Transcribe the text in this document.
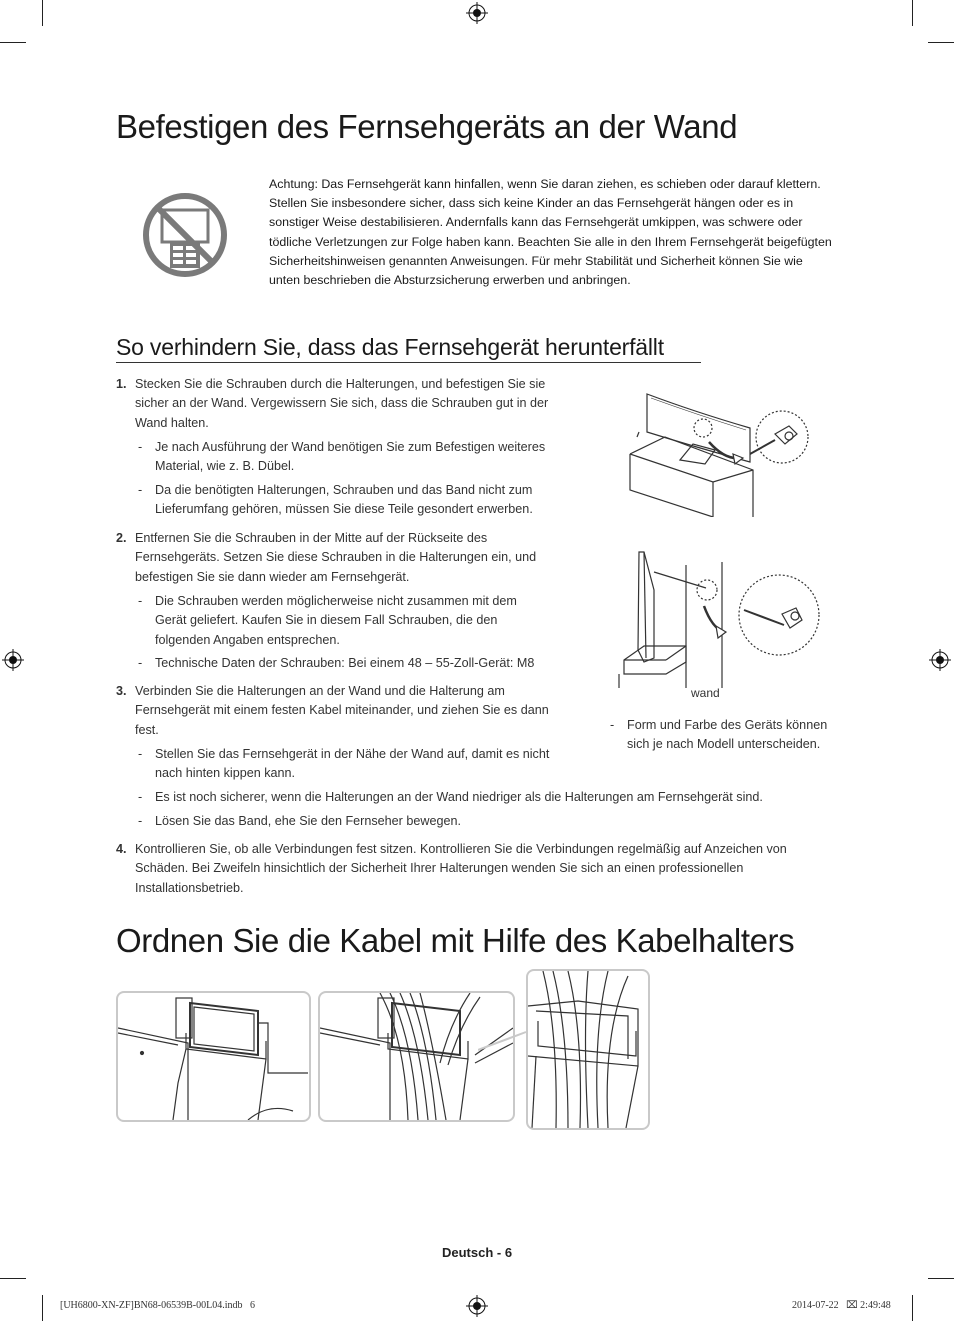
Befestigen des Fernsehgeräts an der Wand
Achtung: Das Fernsehgerät kann hinfallen, wenn Sie daran ziehen, es schieben oder darauf klettern. Stellen Sie insbesondere sicher, dass sich keine Kinder an das Fernsehgerät hängen oder es in sonstiger Weise destabilisieren. Andernfalls kann das Fernsehgerät umkippen, was schwere oder tödliche Verletzungen zur Folge haben kann. Beachten Sie alle in den Ihrem Fernsehgerät beigefügten Sicherheitshinweisen genannten Anweisungen. Für mehr Stabilität und Sicherheit können Sie wie unten beschrieben die Absturzsicherung erwerben und anbringen.
So verhindern Sie, dass das Fernsehgerät herunterfällt
1. Stecken Sie die Schrauben durch die Halterungen, und befestigen Sie sie sicher an der Wand. Vergewissern Sie sich, dass die Schrauben gut in der Wand halten.
- Je nach Ausführung der Wand benötigen Sie zum Befestigen weiteres Material, wie z. B. Dübel.
- Da die benötigten Halterungen, Schrauben und das Band nicht zum Lieferumfang gehören, müssen Sie diese Teile gesondert erwerben.
2. Entfernen Sie die Schrauben in der Mitte auf der Rückseite des Fernsehgeräts. Setzen Sie diese Schrauben in die Halterungen ein, und befestigen Sie sie dann wieder am Fernsehgerät.
- Die Schrauben werden möglicherweise nicht zusammen mit dem Gerät geliefert. Kaufen Sie in diesem Fall Schrauben, die den folgenden Angaben entsprechen.
- Technische Daten der Schrauben: Bei einem 48 – 55-Zoll-Gerät: M8
3. Verbinden Sie die Halterungen an der Wand und die Halterung am Fernsehgerät mit einem festen Kabel miteinander, und ziehen Sie es dann fest.
- Stellen Sie das Fernsehgerät in der Nähe der Wand auf, damit es nicht nach hinten kippen kann.
- Es ist noch sicherer, wenn die Halterungen an der Wand niedriger als die Halterungen am Fernsehgerät sind.
- Lösen Sie das Band, ehe Sie den Fernseher bewegen.
4. Kontrollieren Sie, ob alle Verbindungen fest sitzen. Kontrollieren Sie die Verbindungen regelmäßig auf Anzeichen von Schäden. Bei Zweifeln hinsichtlich der Sicherheit Ihrer Halterungen wenden Sie sich an einen professionellen Installationsbetrieb.
wand
- Form und Farbe des Geräts können sich je nach Modell unterscheiden.
Ordnen Sie die Kabel mit Hilfe des Kabelhalters
Deutsch - 6
[UH6800-XN-ZF]BN68-06539B-00L04.indb   6	2014-07-22   ⌧ 2:49:48
